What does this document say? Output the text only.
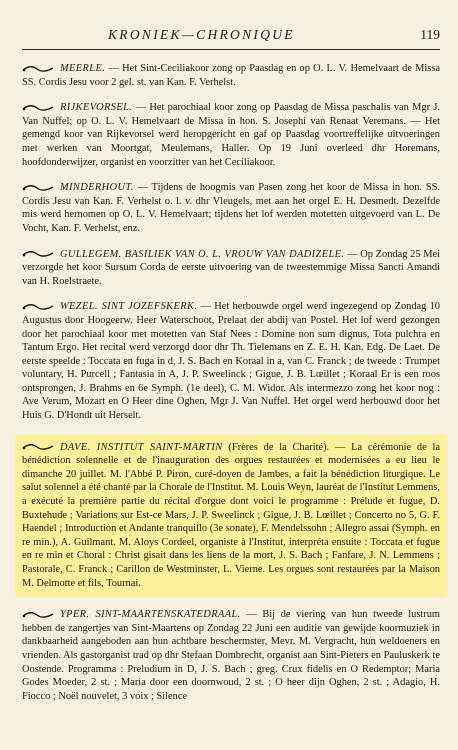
KRONIEK—CHRONIQUE	119
MEERLE. — Het Sint-Ceciliakoor zong op Paasdag en op O. L. V. Hemelvaart de Missa SS. Cordis Jesu voor 2 gel. st. van Kan. F. Verhelst.
RIJKEVORSEL. — Het parochiaal koor zong op Paasdag de Missa paschalis van Mgr J. Van Nuffel; op O. L. V. Hemelvaart de Missa in hon. S. Josephi van Renaat Veremans. — Het gemengd koor van Rijkevorsel werd heropgericht en gaf op Paasdag voortreffelijke uitvoeringen met werken van Moortgat, Meulemans, Haller. Op 19 Juni overleed dhr Horemans, hoofdonderwijzer, organist en voorzitter van het Ceciliakoor.
MINDERHOUT. — Tijdens de hoogmis van Pasen zong het koor de Missa in hon. SS. Cordis Jesu van Kan. F. Verhelst o. l. v. dhr Vleugels, met aan het orgel E. H. Desmedt. Dezelfde mis werd hernomen op O. L. V. Hemelvaart; tijdens het lof werden motetten uitgevoerd van L. De Vocht, Kan. F. Verhelst, enz.
GULLEGEM. BASILIEK VAN O. L. VROUW VAN DADIZELE. — Op Zondag 25 Mei verzorgde het koor Sursum Corda de eerste uitvoering van de tweestemmige Missa Sancti Amandi van H. Roelstraete.
WEZEL. SINT JOZEFSKERK. — Het herbouwde orgel werd ingezegend op Zondag 10 Augustus door Hoogeerw. Heer Waterschoot, Prelaat der abdij van Postel. Het lof werd gezongen door het parochiaal koor met motetten van Staf Nees : Domine non sum dignus, Tota pulchra en Tantum Ergo. Het recital werd verzorgd door dhr Th. Tielemans en Z. E. H. Kan. Edg. De Laet. De eerste speelde : Toccata en fuga in d, J. S. Bach en Koraal in a, van C. Franck ; de tweede : Trumpet voluntary, H. Purcell ; Fantasia in A, J. P. Sweelinck ; Gigue, J. B. Lœillet ; Koraal Er is een roos ontsprongen, J. Brahms en 6e Symph. (1e deel), C. M. Widor. Als intermezzo zong het koor nog : Ave Verum, Mozart en O Heer dine Oghen, Mgr J. Van Nuffel. Het orgel werd herbouwd door het Huis G. D'Hondt uit Herselt.
DAVE. INSTITUT SAINT-MARTIN (Frères de la Charité). — La cérémonie de la bénédiction solennelle et de l'inauguration des orgues restaurées et modernisées a eu lieu le dimanche 20 juillet. M. l'Abbé P. Piron, curé-doyen de Jambes, a fait la bénédiction liturgique. Le salut solennel a été chanté par la Chorale de l'Institut. M. Louis Weyn, lauréat de l'Institut Lemmens, a exécuté la première partie du récital d'orgue dont voici le programme : Prélude et fugue, D. Buxtehude ; Variations sur Est-ce Mars, J. P. Sweelinck ; Gigue, J. B. Lœillet ; Concerto no 5, G. F. Haendel ; Introduction et Andante tranquillo (3e sonate), F. Mendelssohn ; Allegro assai (Symph. en re min.), A. Guilmant. M. Aloys Cordeel, organiste à l'Institut, interpréta ensuite : Toccata et fugue en re min et Choral : Christ gisait dans les liens de la mort, J. S. Bach ; Fanfare, J. N. Lemmens ; Pastorale, C. Franck ; Carillon de Westminster, L. Vierne. Les orgues sont restaurées par la Maison M. Delmotte et fils, Tournai.
YPER. SINT-MAARTENSKATEDRAAL. — Bij de viering van hun tweede lustrum hebben de zangertjes van Sint-Maartens op Zondag 22 Juni een auditie van gewijde koormuziek in dankbaarheid aangeboden aan hun achtbare beschermster, Mevr. M. Vergracht, hun weldoeners en vrienden. Als gastorganist trad op dhr Stefaan Dombrecht, organist aan Sint-Pieters en Pauluskerk te Oostende. Programma : Preludium in D, J. S. Bach ; greg. Crux fidelis en O Redemptor; Maria Godes Moeder, 2 st. ; Maria door een doornwoud, 2 st. ; O heer dijn Oghen, 2 st. ; Adagio, H. Fiocco ; Noël nouvelet, 3 voix ; Silence
